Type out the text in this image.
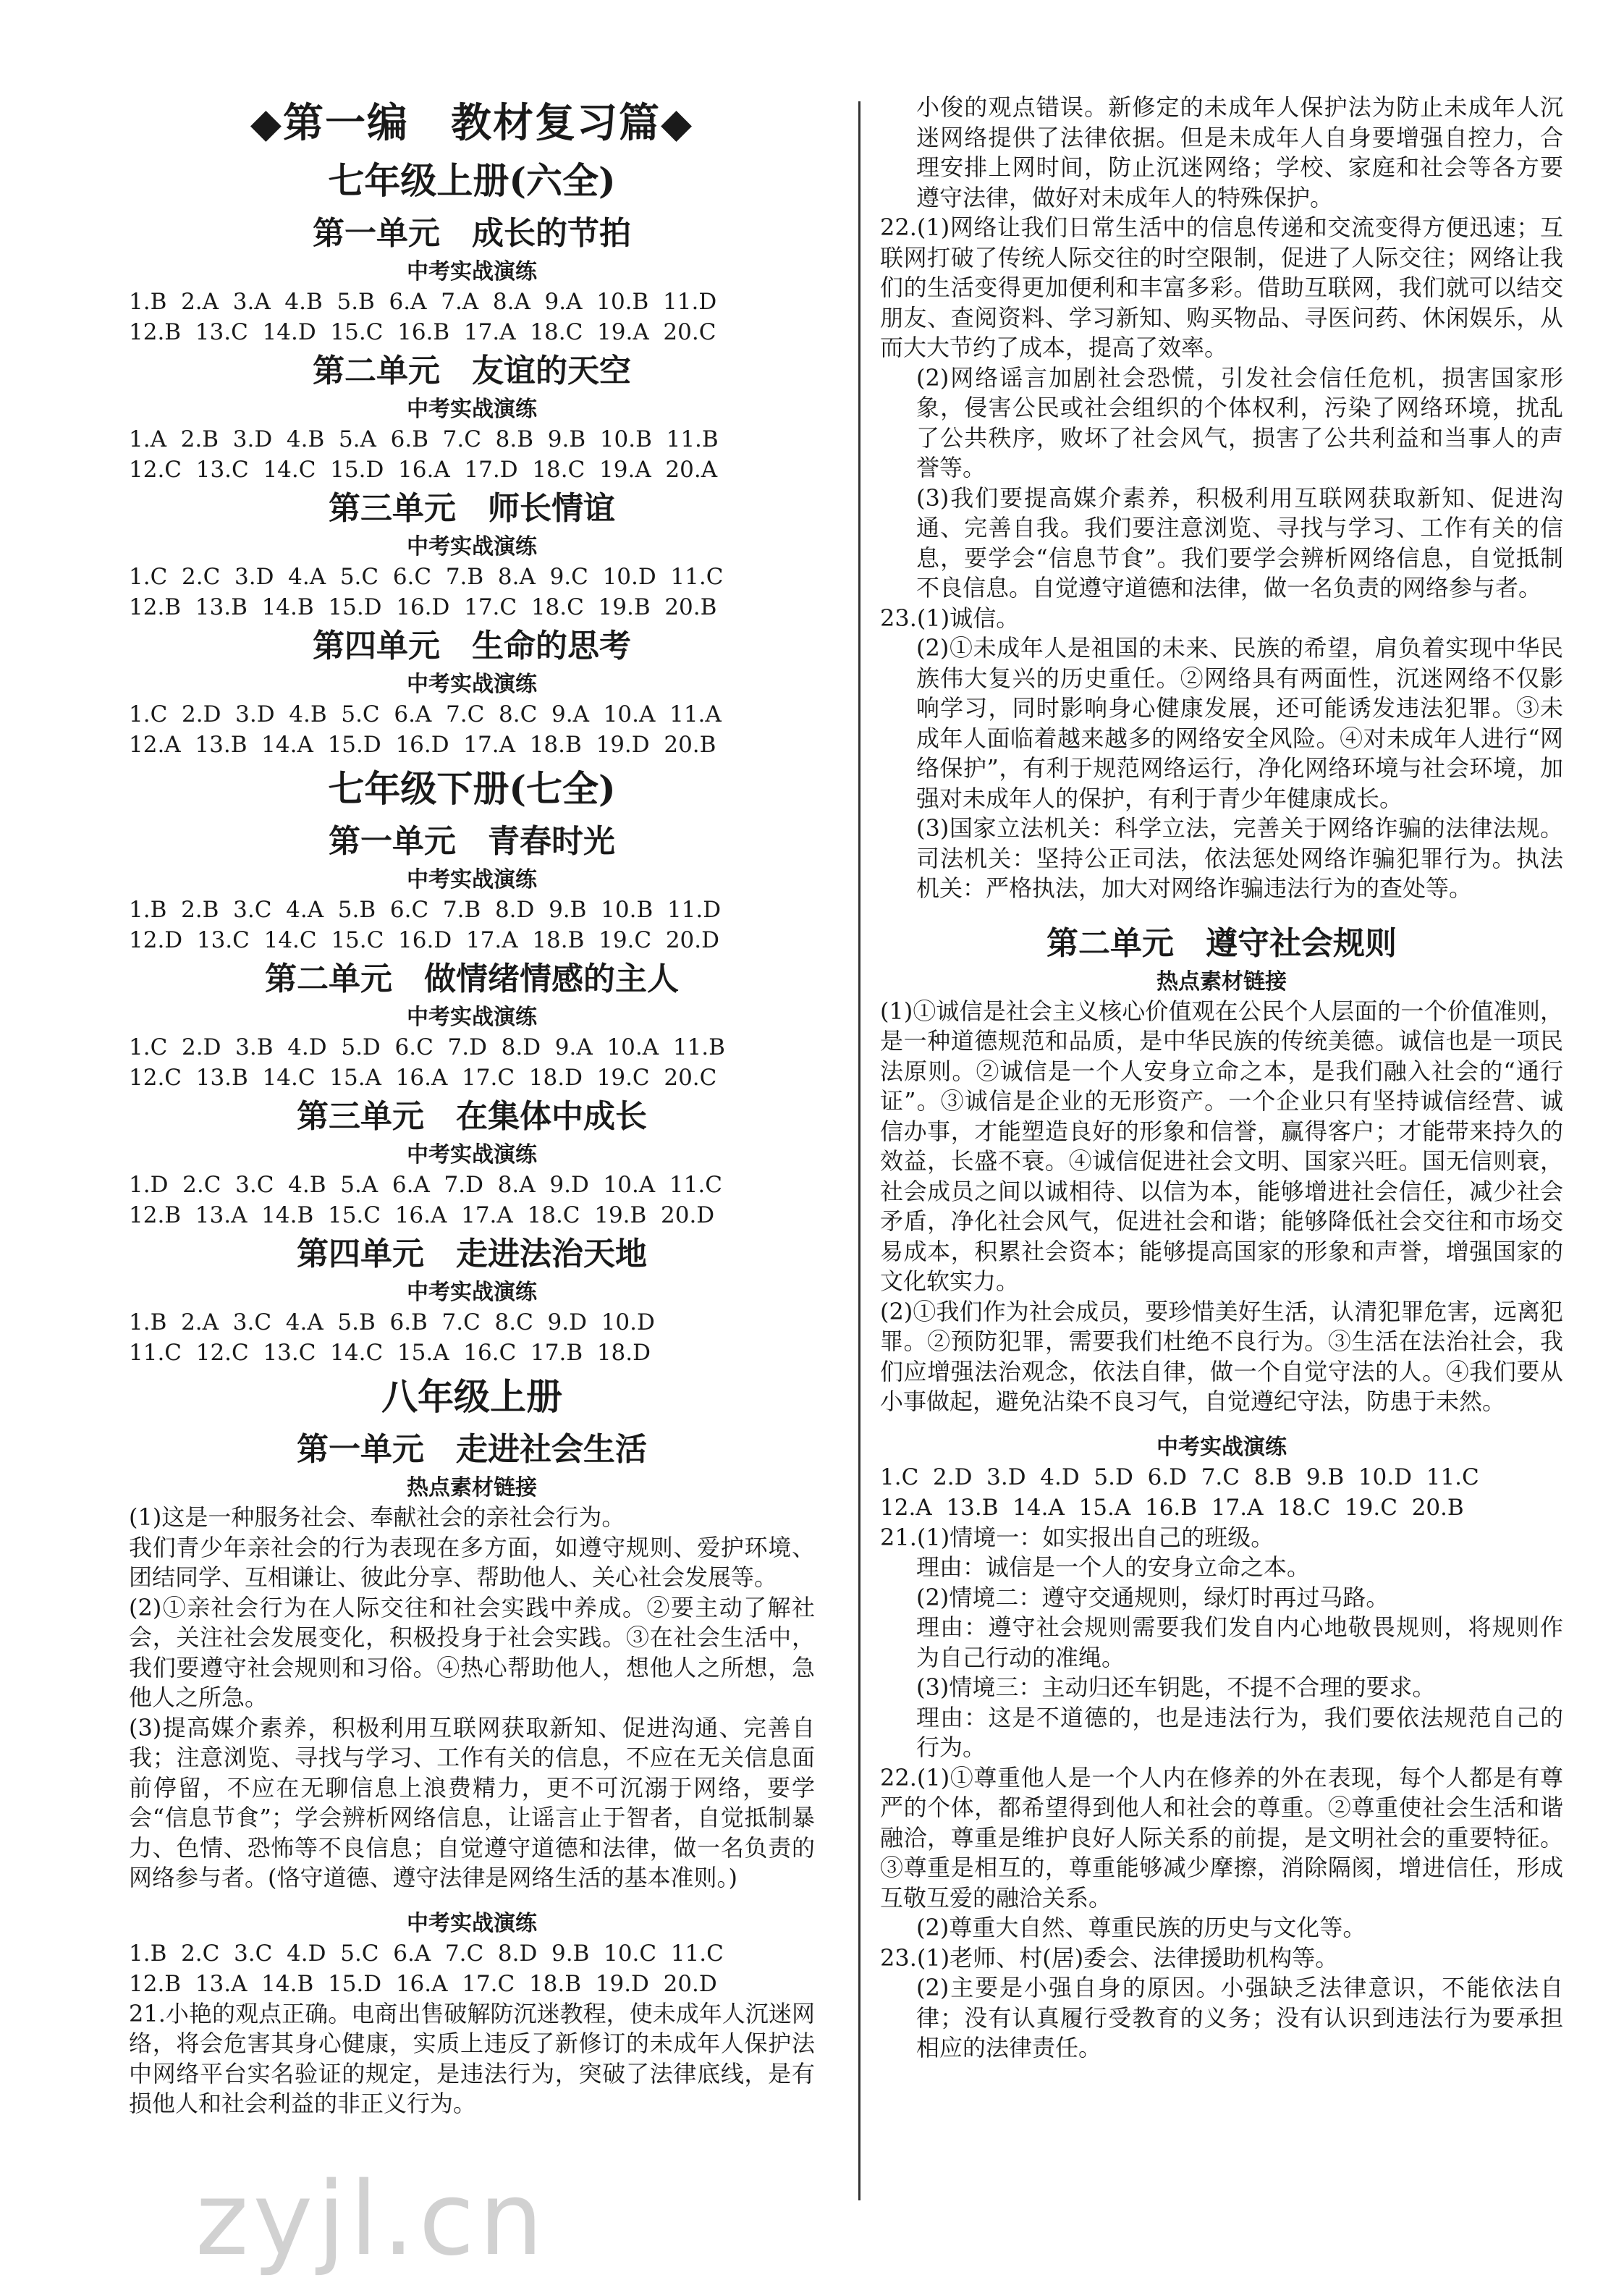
◆第一编　教材复习篇◆
七年级上册(六全)
第一单元　成长的节拍
中考实战演练
1.B  2.A  3.A  4.B  5.B  6.A  7.A  8.A  9.A  10.B  11.D
12.B  13.C  14.D  15.C  16.B  17.A  18.C  19.A  20.C
第二单元　友谊的天空
中考实战演练
1.A  2.B  3.D  4.B  5.A  6.B  7.C  8.B  9.B  10.B  11.B
12.C  13.C  14.C  15.D  16.A  17.D  18.C  19.A  20.A
第三单元　师长情谊
中考实战演练
1.C  2.C  3.D  4.A  5.C  6.C  7.B  8.A  9.C  10.D  11.C
12.B  13.B  14.B  15.D  16.D  17.C  18.C  19.B  20.B
第四单元　生命的思考
中考实战演练
1.C  2.D  3.D  4.B  5.C  6.A  7.C  8.C  9.A  10.A  11.A
12.A  13.B  14.A  15.D  16.D  17.A  18.B  19.D  20.B
七年级下册(七全)
第一单元　青春时光
中考实战演练
1.B  2.B  3.C  4.A  5.B  6.C  7.B  8.D  9.B  10.B  11.D
12.D  13.C  14.C  15.C  16.D  17.A  18.B  19.C  20.D
第二单元　做情绪情感的主人
中考实战演练
1.C  2.D  3.B  4.D  5.D  6.C  7.D  8.D  9.A  10.A  11.B
12.C  13.B  14.C  15.A  16.A  17.C  18.D  19.C  20.C
第三单元　在集体中成长
中考实战演练
1.D  2.C  3.C  4.B  5.A  6.A  7.D  8.A  9.D  10.A  11.C
12.B  13.A  14.B  15.C  16.A  17.A  18.C  19.B  20.D
第四单元　走进法治天地
中考实战演练
1.B  2.A  3.C  4.A  5.B  6.B  7.C  8.C  9.D  10.D
11.C  12.C  13.C  14.C  15.A  16.C  17.B  18.D
八年级上册
第一单元　走进社会生活
热点素材链接
(1)这是一种服务社会、奉献社会的亲社会行为。
我们青少年亲社会的行为表现在多方面，如遵守规则、爱护环境、团结同学、互相谦让、彼此分享、帮助他人、关心社会发展等。
(2)①亲社会行为在人际交往和社会实践中养成。②要主动了解社会，关注社会发展变化，积极投身于社会实践。③在社会生活中，我们要遵守社会规则和习俗。④热心帮助他人，想他人之所想，急他人之所急。
(3)提高媒介素养，积极利用互联网获取新知、促进沟通、完善自我；注意浏览、寻找与学习、工作有关的信息，不应在无关信息面前停留，不应在无聊信息上浪费精力，更不可沉溺于网络，要学会“信息节食”；学会辨析网络信息，让谣言止于智者，自觉抵制暴力、色情、恐怖等不良信息；自觉遵守道德和法律，做一名负责的网络参与者。(恪守道德、遵守法律是网络生活的基本准则。)
中考实战演练
1.B  2.C  3.C  4.D  5.C  6.A  7.C  8.D  9.B  10.C  11.C
12.B  13.A  14.B  15.D  16.A  17.C  18.B  19.D  20.D
21.小艳的观点正确。电商出售破解防沉迷教程，使未成年人沉迷网络，将会危害其身心健康，实质上违反了新修订的未成年人保护法中网络平台实名验证的规定，是违法行为，突破了法律底线，是有损他人和社会利益的非正义行为。
小俊的观点错误。新修定的未成年人保护法为防止未成年人沉迷网络提供了法律依据。但是未成年人自身要增强自控力，合理安排上网时间，防止沉迷网络；学校、家庭和社会等各方要遵守法律，做好对未成年人的特殊保护。
22.(1)网络让我们日常生活中的信息传递和交流变得方便迅速；互联网打破了传统人际交往的时空限制，促进了人际交往；网络让我们的生活变得更加便利和丰富多彩。借助互联网，我们就可以结交朋友、查阅资料、学习新知、购买物品、寻医问药、休闲娱乐，从而大大节约了成本，提高了效率。
(2)网络谣言加剧社会恐慌，引发社会信任危机，损害国家形象，侵害公民或社会组织的个体权利，污染了网络环境，扰乱了公共秩序，败坏了社会风气，损害了公共利益和当事人的声誉等。
(3)我们要提高媒介素养，积极利用互联网获取新知、促进沟通、完善自我。我们要注意浏览、寻找与学习、工作有关的信息，要学会“信息节食”。我们要学会辨析网络信息，自觉抵制不良信息。自觉遵守道德和法律，做一名负责的网络参与者。
23.(1)诚信。
(2)①未成年人是祖国的未来、民族的希望，肩负着实现中华民族伟大复兴的历史重任。②网络具有两面性，沉迷网络不仅影响学习，同时影响身心健康发展，还可能诱发违法犯罪。③未成年人面临着越来越多的网络安全风险。④对未成年人进行“网络保护”，有利于规范网络运行，净化网络环境与社会环境，加强对未成年人的保护，有利于青少年健康成长。
(3)国家立法机关：科学立法，完善关于网络诈骗的法律法规。司法机关：坚持公正司法，依法惩处网络诈骗犯罪行为。执法机关：严格执法，加大对网络诈骗违法行为的查处等。
第二单元　遵守社会规则
热点素材链接
(1)①诚信是社会主义核心价值观在公民个人层面的一个价值准则，是一种道德规范和品质，是中华民族的传统美德。诚信也是一项民法原则。②诚信是一个人安身立命之本，是我们融入社会的“通行证”。③诚信是企业的无形资产。一个企业只有坚持诚信经营、诚信办事，才能塑造良好的形象和信誉，赢得客户；才能带来持久的效益，长盛不衰。④诚信促进社会文明、国家兴旺。国无信则衰，社会成员之间以诚相待、以信为本，能够增进社会信任，减少社会矛盾，净化社会风气，促进社会和谐；能够降低社会交往和市场交易成本，积累社会资本；能够提高国家的形象和声誉，增强国家的文化软实力。
(2)①我们作为社会成员，要珍惜美好生活，认清犯罪危害，远离犯罪。②预防犯罪，需要我们杜绝不良行为。③生活在法治社会，我们应增强法治观念，依法自律，做一个自觉守法的人。④我们要从小事做起，避免沾染不良习气，自觉遵纪守法，防患于未然。
中考实战演练
1.C  2.D  3.D  4.D  5.D  6.D  7.C  8.B  9.B  10.D  11.C
12.A  13.B  14.A  15.A  16.B  17.A  18.C  19.C  20.B
21.(1)情境一：如实报出自己的班级。
理由：诚信是一个人的安身立命之本。
(2)情境二：遵守交通规则，绿灯时再过马路。
理由：遵守社会规则需要我们发自内心地敬畏规则，将规则作为自己行动的准绳。
(3)情境三：主动归还车钥匙，不提不合理的要求。
理由：这是不道德的，也是违法行为，我们要依法规范自己的行为。
22.(1)①尊重他人是一个人内在修养的外在表现，每个人都是有尊严的个体，都希望得到他人和社会的尊重。②尊重使社会生活和谐融洽，尊重是维护良好人际关系的前提，是文明社会的重要特征。③尊重是相互的，尊重能够减少摩擦，消除隔阂，增进信任，形成互敬互爱的融洽关系。
(2)尊重大自然、尊重民族的历史与文化等。
23.(1)老师、村(居)委会、法律援助机构等。
(2)主要是小强自身的原因。小强缺乏法律意识，不能依法自律；没有认真履行受教育的义务；没有认识到违法行为要承担相应的法律责任。
zyjl.cn
